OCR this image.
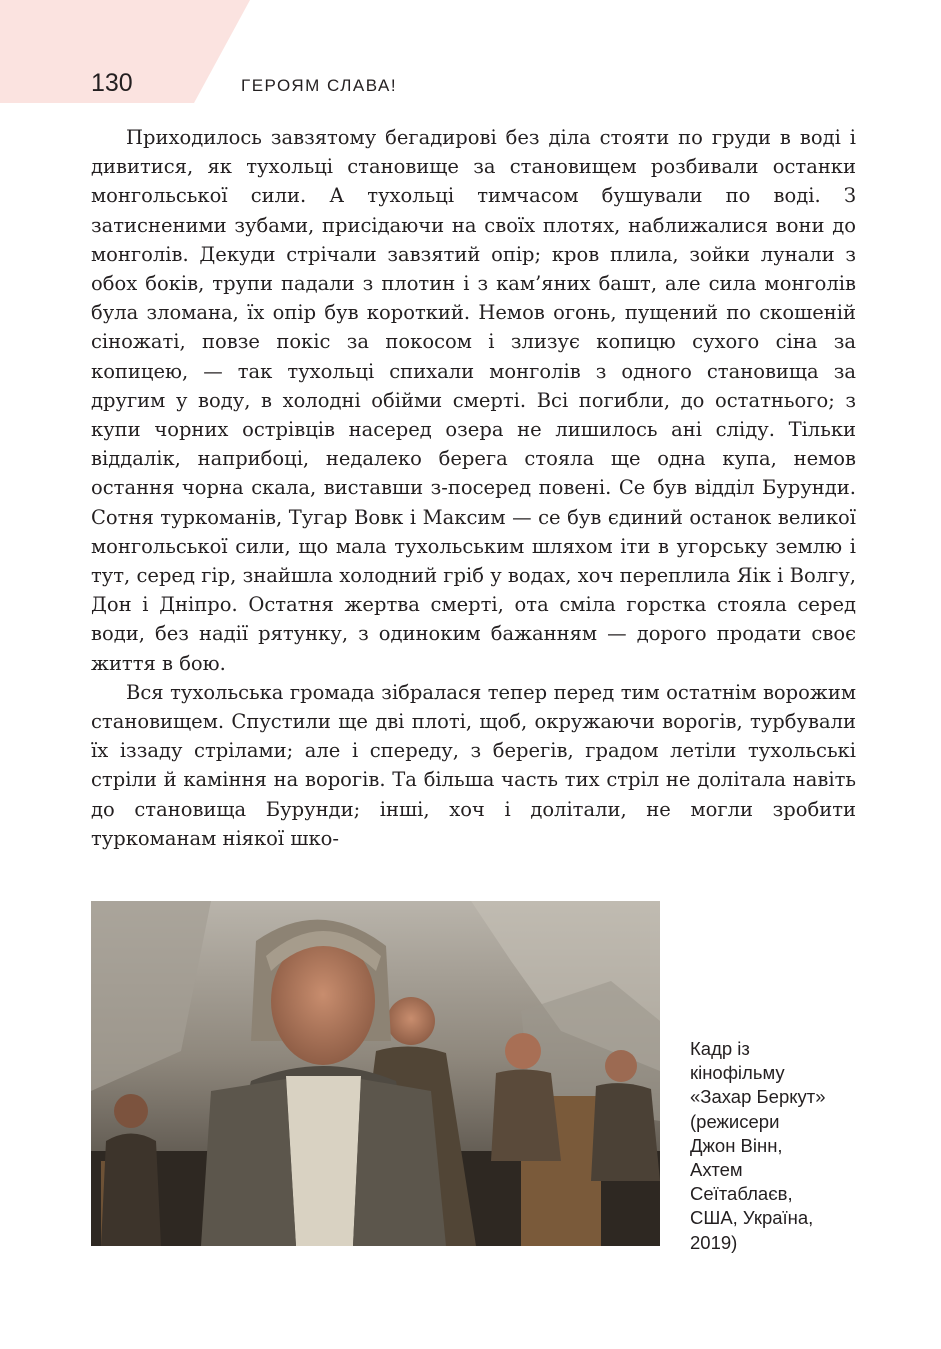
130	ГЕРОЯМ СЛАВА!

Приходилось завзятому бегадирові без діла стояти по груди в воді і дивитися, як тухольці становище за становищем розбивали останки монгольської сили. А тухольці тимчасом бушували по воді. З затисненими зубами, присідаючи на своїх плотях, наближалися вони до монголів. Декуди стрічали завзятий опір; кров плила, зойки лунали з обох боків, трупи падали з плотин і з кам’яних башт, але сила монголів була зломана, їх опір був короткий. Немов огонь, пущений по скошеній сіножаті, повзе покіс за покосом і злизує копицю сухого сіна за копицею, — так тухольці спихали монголів з одного становища за другим у воду, в холодні обійми смерті. Всі погибли, до остатнього; з купи чорних острівців насеред озера не лишилось ані сліду. Тільки віддалік, наприбоці, недалеко берега стояла ще одна купа, немов остання чорна скала, виставши з-посеред повені. Се був відділ Бурунди. Сотня туркоманів, Тугар Вовк і Максим — се був єдиний останок великої монгольської сили, що мала тухольським шляхом іти в угорську землю і тут, серед гір, знайшла холодний гріб у водах, хоч переплила Яік і Волгу, Дон і Дніпро. Остатня жертва смерті, ота сміла горстка стояла серед води, без надії рятунку, з одиноким бажанням — дорого продати своє життя в бою.

Вся тухольська громада зібралася тепер перед тим остатнім ворожим становищем. Спустили ще дві плоті, щоб, окружаючи ворогів, турбували їх іззаду стрілами; але і спереду, з берегів, градом летіли тухольські стріли й каміння на ворогів. Та більша часть тих стріл не долітала навіть до становища Бурунди; інші, хоч і долітали, не могли зробити туркоманам ніякої шко-

Кадр із
кінофільму
«Захар Беркут»
(режисери
Джон Вінн,
Ахтем
Сеїтаблаєв,
США, Україна,
2019)
